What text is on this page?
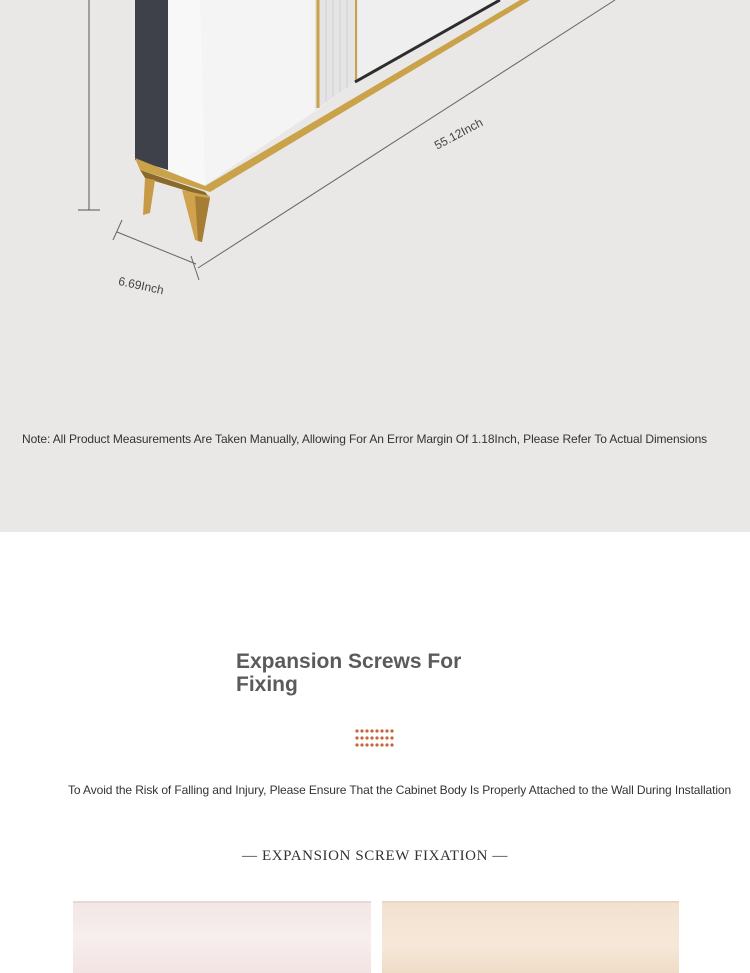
55.12Inch
6.69Inch
Note: All Product Measurements Are Taken Manually, Allowing For An Error Margin Of 1.18Inch, Please Refer To Actual Dimensions
Expansion Screws For Fixing
To Avoid the Risk of Falling and Injury, Please Ensure That the Cabinet Body Is Properly Attached to the Wall During Installation
— EXPANSION SCREW FIXATION —
